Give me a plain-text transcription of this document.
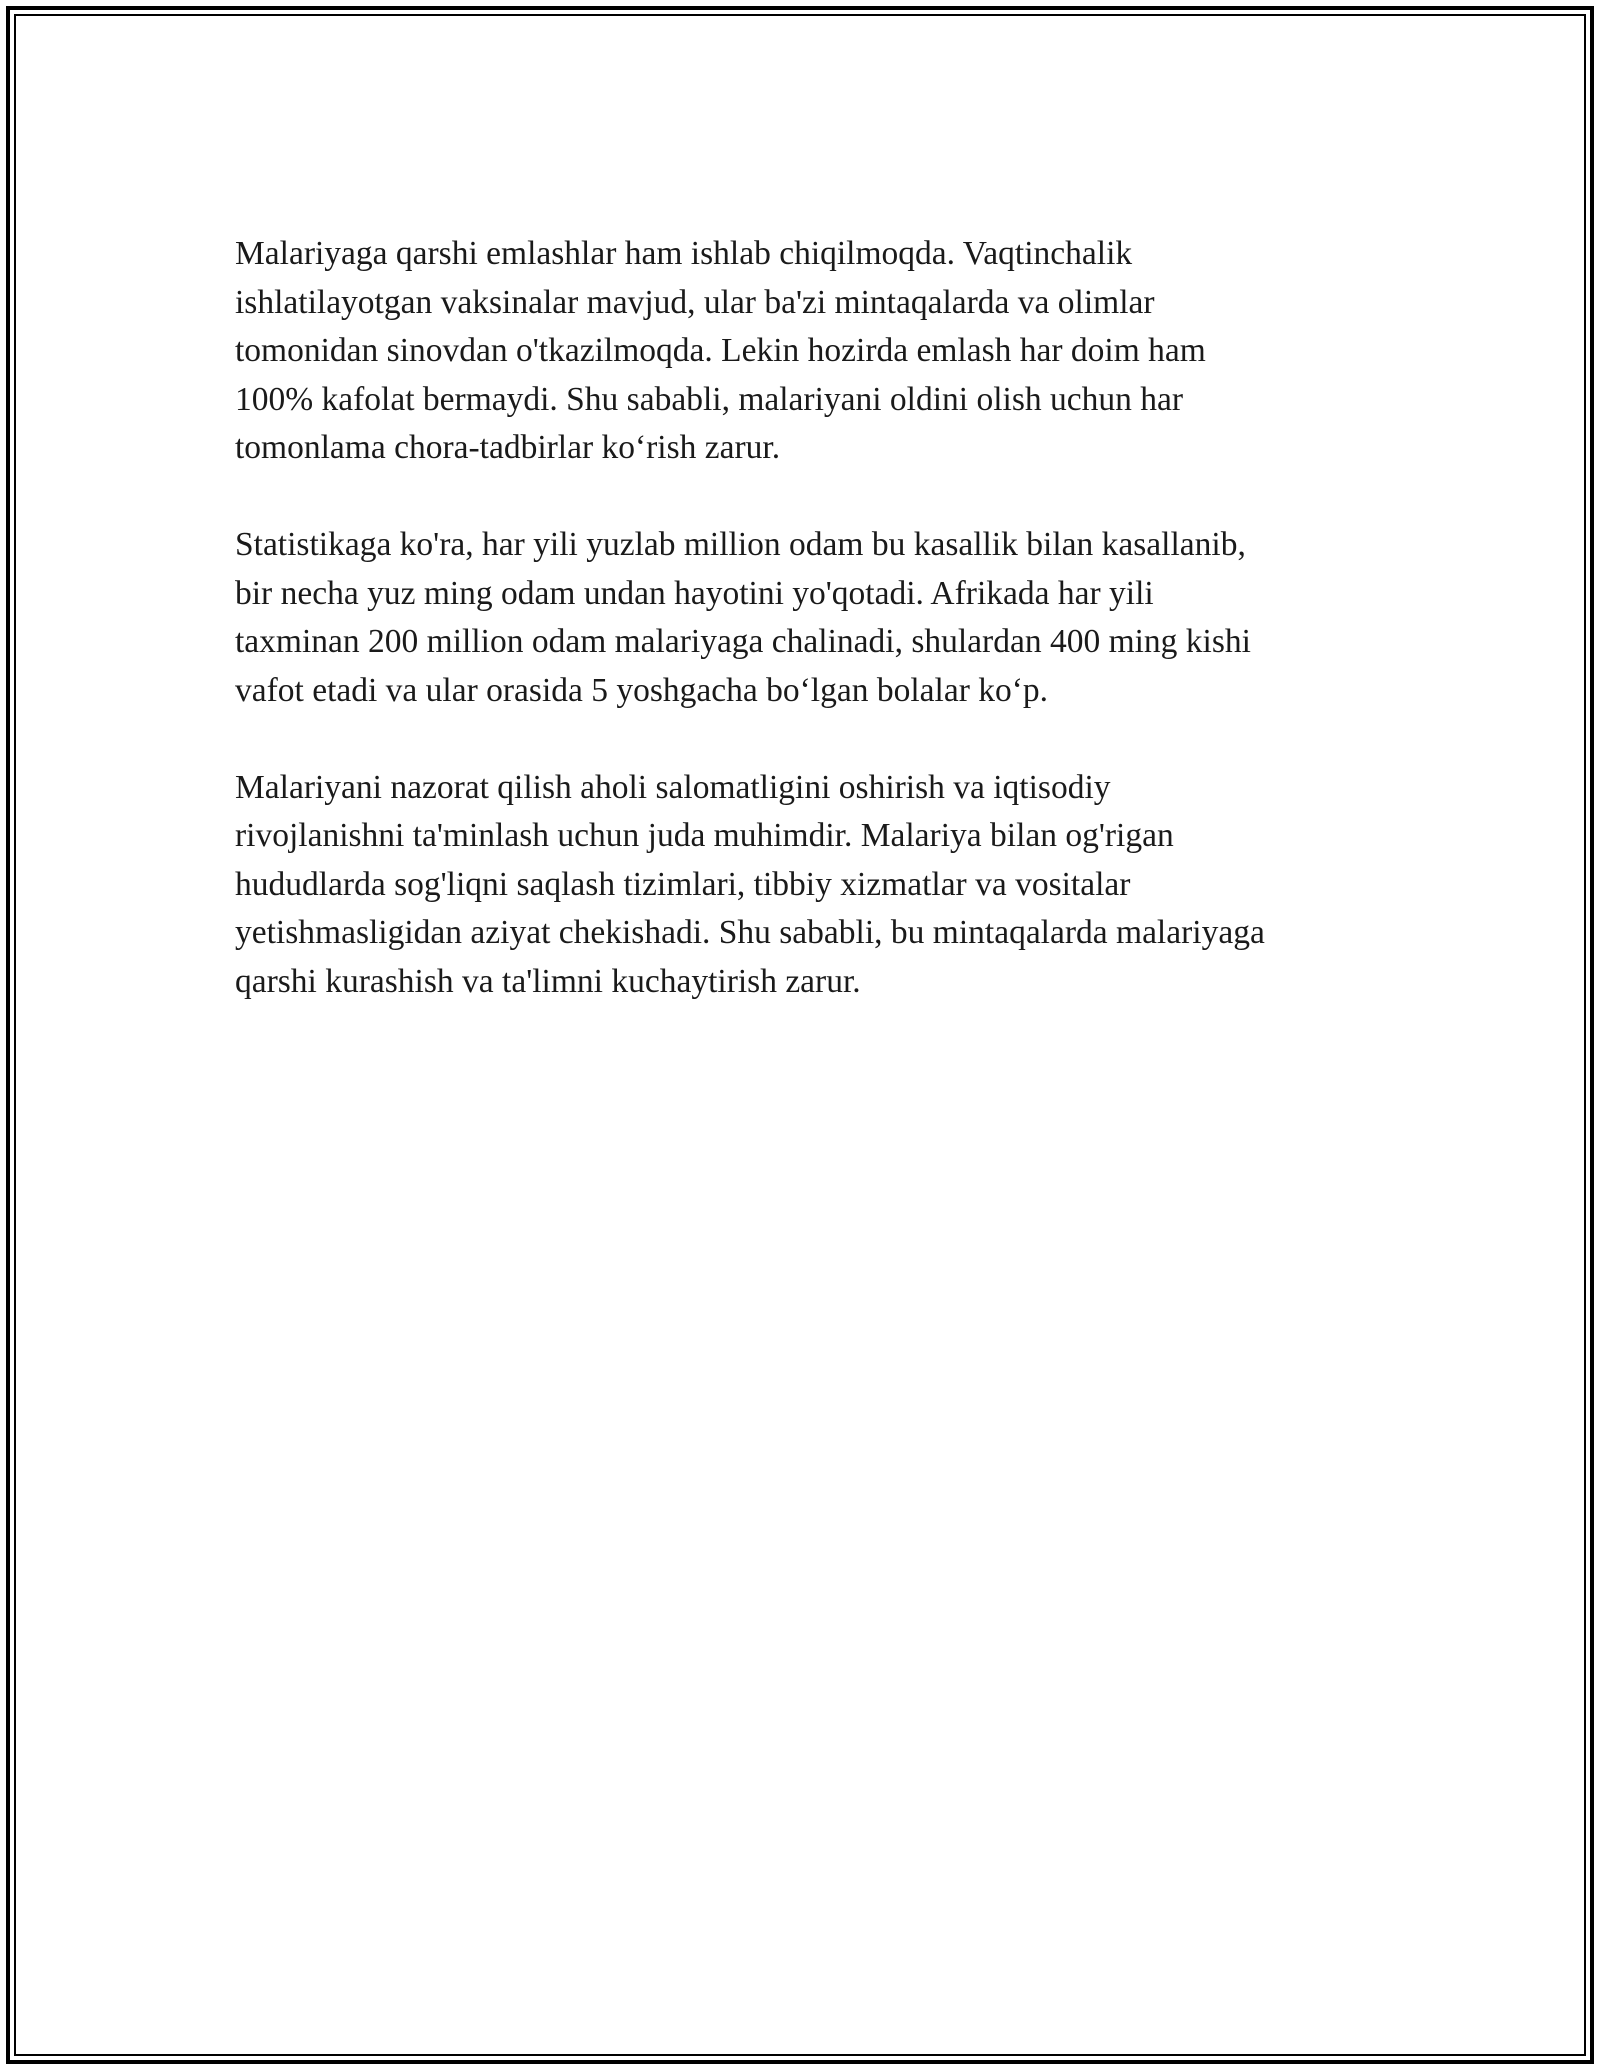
Malariyaga qarshi emlashlar ham ishlab chiqilmoqda. Vaqtinchalik
ishlatilayotgan vaksinalar mavjud, ular ba'zi mintaqalarda va olimlar
tomonidan sinovdan o'tkazilmoqda. Lekin hozirda emlash har doim ham
100% kafolat bermaydi. Shu sababli, malariyani oldini olish uchun har
tomonlama chora-tadbirlar ko‘rish zarur.

Statistikaga ko'ra, har yili yuzlab million odam bu kasallik bilan kasallanib,
bir necha yuz ming odam undan hayotini yo'qotadi. Afrikada har yili
taxminan 200 million odam malariyaga chalinadi, shulardan 400 ming kishi
vafot etadi va ular orasida 5 yoshgacha bo‘lgan bolalar ko‘p.

Malariyani nazorat qilish aholi salomatligini oshirish va iqtisodiy
rivojlanishni ta'minlash uchun juda muhimdir. Malariya bilan og'rigan
hududlarda sog'liqni saqlash tizimlari, tibbiy xizmatlar va vositalar
yetishmasligidan aziyat chekishadi. Shu sababli, bu mintaqalarda malariyaga
qarshi kurashish va ta'limni kuchaytirish zarur.
